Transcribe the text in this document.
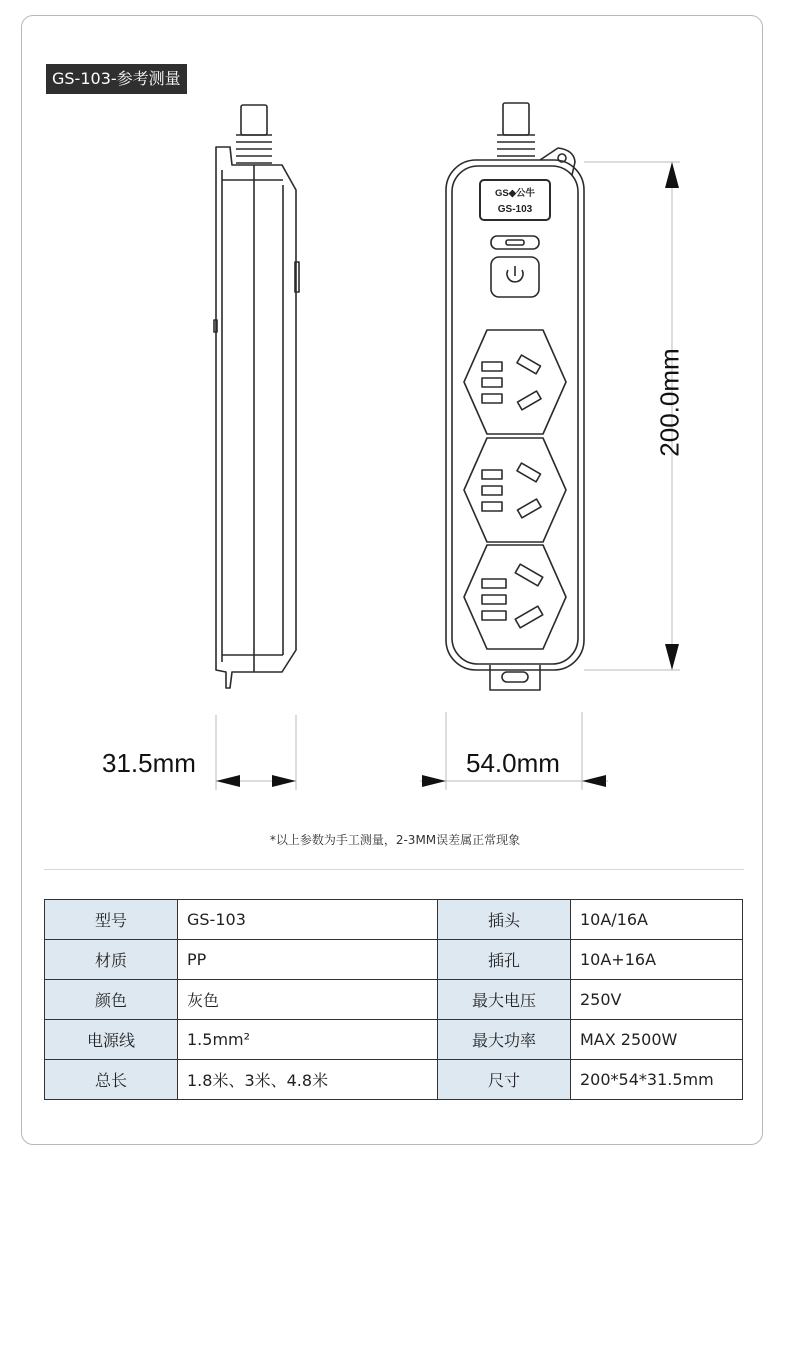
GS-103-参考测量
GS◆公牛
GS-103
31.5mm	54.0mm
200.0mm
*以上参数为手工测量，2-3MM误差属正常现象
型号	GS-103	插头	10A/16A
材质	PP	插孔	10A+16A
颜色	灰色	最大电压	250V
电源线	1.5mm²	最大功率	MAX 2500W
总长	1.8米、3米、4.8米	尺寸	200*54*31.5mm
